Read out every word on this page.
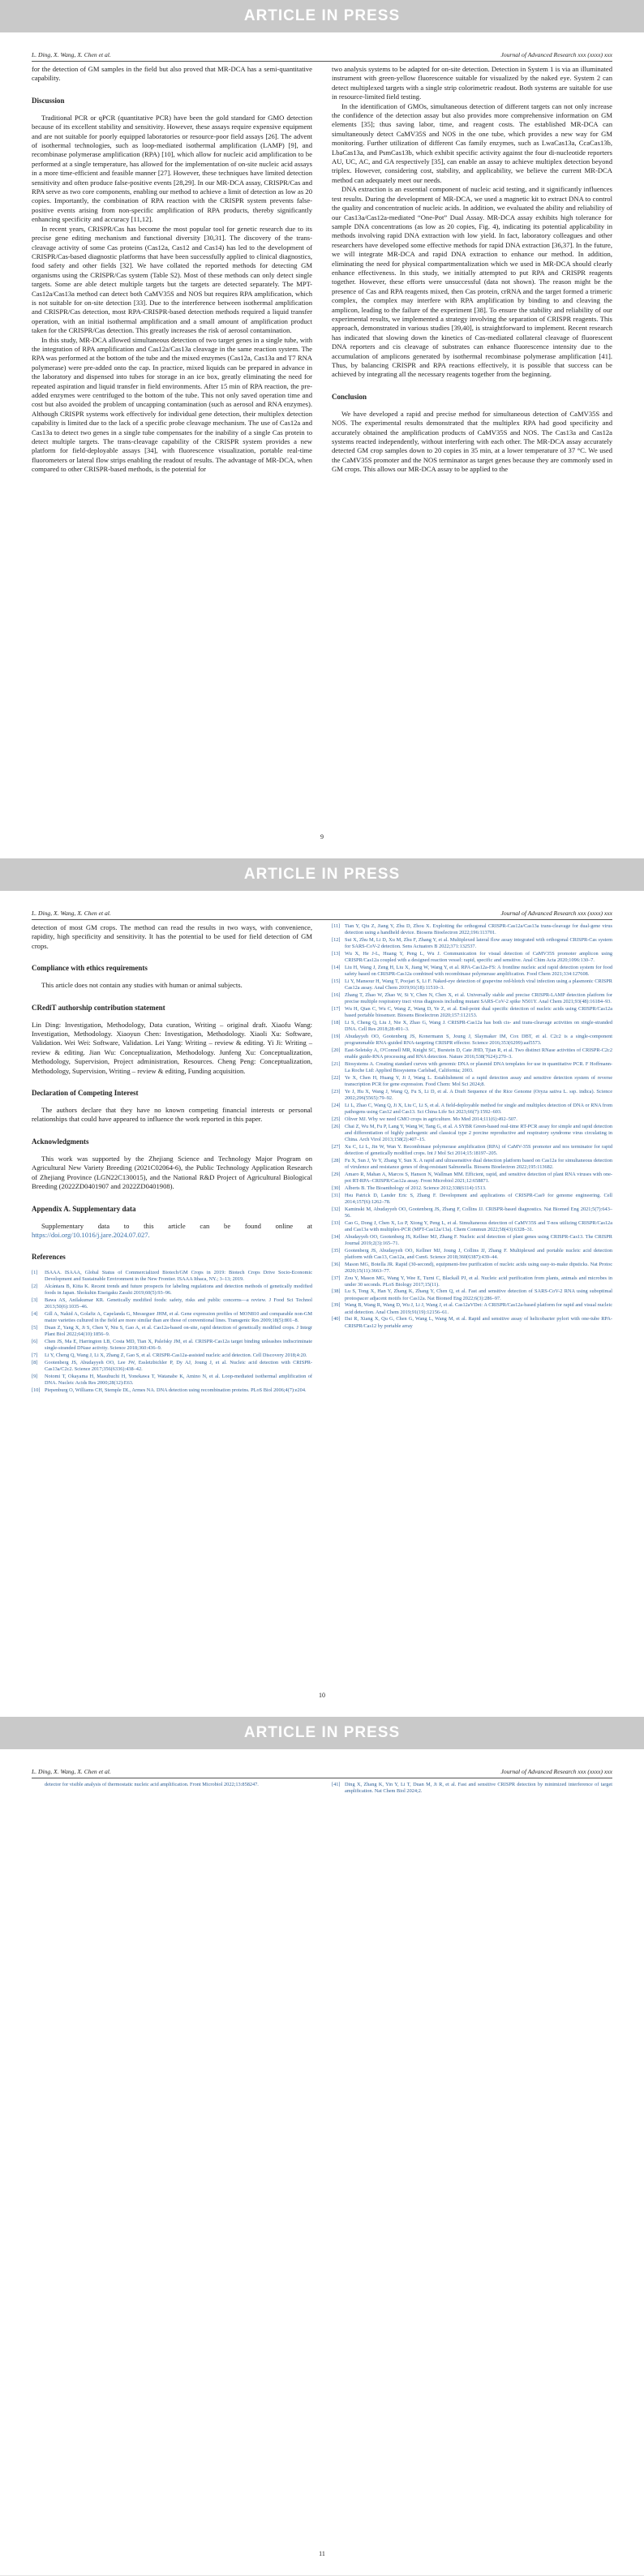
ARTICLE IN PRESS
L. Ding, X. Wang, X. Chen et al.	Journal of Advanced Research xxx (xxxx) xxx

for the detection of GM samples in the field but also proved that MR-DCA has a semi-quantitative capability.

Discussion

Traditional PCR or qPCR (quantitative PCR) have been the gold standard for GMO detection because of its excellent stability and sensitivity. However, these assays require expensive equipment and are not suitable for poorly equipped laboratories or resource-poor field assays [26]. The advent of isothermal technologies, such as loop-mediated isothermal amplification (LAMP) [9], and recombinase polymerase amplification (RPA) [10], which allow for nucleic acid amplification to be performed at a single temperature, has allowed for the implementation of on-site nucleic acid assays in a more time-efficient and feasible manner [27]. However, these techniques have limited detection sensitivity and often produce false-positive events [28,29]. In our MR-DCA assay, CRISPR/Cas and RPA serve as two core components, enabling our method to achieve a limit of detection as low as 20 copies. Importantly, the combination of RPA reaction with the CRISPR system prevents false-positive events arising from non-specific amplification of RPA products, thereby significantly enhancing specificity and accuracy [11,12].

In recent years, CRISPR/Cas has become the most popular tool for genetic research due to its precise gene editing mechanism and functional diversity [30,31]. The discovery of the trans-cleavage activity of some Cas proteins (Cas12a, Cas12 and Cas14) has led to the development of CRISPR/Cas-based diagnostic platforms that have been successfully applied to clinical diagnostics, food safety and other fields [32]. We have collated the reported methods for detecting GM organisms using the CRISPR/Cas system (Table S2). Most of these methods can only detect single targets. Some are able detect multiple targets but the targets are detected separately. The MPT-Cas12a/Cas13a method can detect both CaMV35S and NOS but requires RPA amplification, which is not suitable for on-site detection [33]. Due to the interference between isothermal amplification and CRISPR/Cas detection, most RPA-CRISPR-based detection methods required a liquid transfer operation, with an initial isothermal amplification and a small amount of amplification product taken for the CRISPR/Cas detection. This greatly increases the risk of aerosol contamination.

In this study, MR-DCA allowed simultaneous detection of two target genes in a single tube, with the integration of RPA amplification and Cas12a/Cas13a cleavage in the same reaction system. The RPA was performed at the bottom of the tube and the mixed enzymes (Cas12a, Cas13a and T7 RNA polymerase) were pre-added onto the cap. In practice, mixed liquids can be prepared in advance in the laboratory and dispensed into tubes for storage in an ice box, greatly eliminating the need for repeated aspiration and liquid transfer in field environments. After 15 min of RPA reaction, the pre-added enzymes were centrifuged to the bottom of the tube. This not only saved operation time and cost but also avoided the problem of uncapping contamination (such as aerosol and RNA enzymes). Although CRISPR systems work effectively for individual gene detection, their multiplex detection capability is limited due to the lack of a specific probe cleavage mechanism. The use of Cas12a and Cas13a to detect two genes in a single tube compensates for the inability of a single Cas protein to detect multiple targets. The trans-cleavage capability of the CRISPR system provides a new platform for field-deployable assays [34], with fluorescence visualization, portable real-time fluorometers or lateral flow strips enabling the readout of results. The advantage of MR-DCA, when compared to other CRISPR-based methods, is the potential for

two analysis systems to be adapted for on-site detection. Detection in System 1 is via an illuminated instrument with green-yellow fluorescence suitable for visualized by the naked eye. System 2 can detect multiplexed targets with a single strip colorimetric readout. Both systems are suitable for use in resource-limited field testing.

In the identification of GMOs, simultaneous detection of different targets can not only increase the confidence of the detection assay but also provides more comprehensive information on GM elements [35]; thus saving labor, time, and reagent costs. The established MR-DCA can simultaneously detect CaMV35S and NOS in the one tube, which provides a new way for GM monitoring. Further utilization of different Cas family enzymes, such as LwaCas13a, CcaCas13b, LbaCas13a, and PsmCas13b, which exhibit specific activity against the four di-nucleotide reporters AU, UC, AC, and GA respectively [35], can enable an assay to achieve multiplex detection beyond triplex. However, considering cost, stability, and applicability, we believe the current MR-DCA method can adequately meet our needs.

DNA extraction is an essential component of nucleic acid testing, and it significantly influences test results. During the development of MR-DCA, we used a magnetic kit to extract DNA to control the quality and concentration of nucleic acids. In addition, we evaluated the ability and reliability of our Cas13a/Cas12a-mediated “One-Pot” Dual Assay. MR-DCA assay exhibits high tolerance for sample DNA concentrations (as low as 20 copies, Fig. 4), indicating its potential applicability in methods involving rapid DNA extraction with low yield. In fact, laboratory colleagues and other researchers have developed some effective methods for rapid DNA extraction [36,37]. In the future, we will integrate MR-DCA and rapid DNA extraction to enhance our method. In addition, eliminating the need for physical compartmentalization which we used in MR-DCA should clearly enhance effectiveness. In this study, we initially attempted to put RPA and CRISPR reagents together. However, these efforts were unsuccessful (data not shown). The reason might be the presence of Cas and RPA reagents mixed, then Cas protein, crRNA and the target formed a trimeric complex, the complex may interfere with RPA amplification by binding to and cleaving the amplicon, leading to the failure of the experiment [38]. To ensure the stability and reliability of our experimental results, we implemented a strategy involving the separation of CRISPR reagents. This approach, demonstrated in various studies [39,40], is straightforward to implement. Recent research has indicated that slowing down the kinetics of Cas-mediated collateral cleavage of fluorescent DNA reporters and cis cleavage of substrates can enhance fluorescence intensity due to the accumulation of amplicons generated by isothermal recombinase polymerase amplification [41]. Thus, by balancing CRISPR and RPA reactions effectively, it is possible that success can be achieved by integrating all the necessary reagents together from the beginning.

Conclusion

We have developed a rapid and precise method for simultaneous detection of CaMV35S and NOS. The experimental results demonstrated that the multiplex RPA had good specificity and accurately obtained the amplification products of CaMV35S and NOS. The Cas13a and Cas12a systems reacted independently, without interfering with each other. The MR-DCA assay accurately detected GM crop samples down to 20 copies in 35 min, at a lower temperature of 37 °C. We used the CaMV35S promoter and the NOS terminator as target genes because they are commonly used in GM crops. This allows our MR-DCA assay to be applied to the

9
ARTICLE IN PRESS
L. Ding, X. Wang, X. Chen et al.	Journal of Advanced Research xxx (xxxx) xxx

detection of most GM crops. The method can read the results in two ways, with convenience, rapidity, high specificity and sensitivity. It has the potential to be used for field detection of GM crops.

Compliance with ethics requirements

This article does not contain any studies with human or animal subjects.

CRediT authorship contribution statement

Lin Ding: Investigation, Methodology, Data curation, Writing – original draft. Xiaofu Wang: Investigation, Methodology. Xiaoyun Chen: Investigation, Methodology. Xiaoli Xu: Software, Validation. Wei Wei: Software, Validation. Lei Yang: Writing – review & editing. Yi Ji: Writing – review & editing. Jian Wu: Conceptualization, Methodology. Junfeng Xu: Conceptualization, Methodology, Supervision, Project administration, Resources. Cheng Peng: Conceptualization, Methodology, Supervision, Writing – review & editing, Funding acquisition.

Declaration of Competing Interest

The authors declare that they have no known competing financial interests or personal relationships that could have appeared to influence the work reported in this paper.

Acknowledgments

This work was supported by the Zhejiang Science and Technology Major Program on Agricultural New Variety Breeding (2021C02064-6), the Public Technology Application Research of Zhejiang Province (LGN22C130015), and the National R&D Project of Agricultural Biological Breeding (2022ZD0401907 and 2022ZD0401908).

Appendix A. Supplementary data

Supplementary data to this article can be found online at https://doi.org/10.1016/j.jare.2024.07.027.

References
[1]	ISAAA. ISAAA, Global Status of Commercialized Biotech/GM Crops in 2019: Biotech Crops Drive Socio-Economic Development and Sustainable Environment in the New Frontier. ISAAA Ithaca, NY.; 3–13; 2019.
[2]	Alcántara B, Kitta K. Recent trends and future prospects for labeling regulations and detection methods of genetically modified foods in Japan. Shokuhin Eiseigaku Zasshi 2019;60(5):93–96.
[3]	Bawa AS, Anilakumar KR. Genetically modified foods: safety, risks and public concerns—a review. J Food Sci Technol 2013;50(6):1035–46.
[4]	Gill A, Nakid A, Golafiz A, Capelanda G, Messeguer JHM, et al. Gene expression profiles of MON810 and comparable non-GM maize varieties cultured in the field are more similar than are those of conventional lines. Transgenic Res 2009;18(5):801–8.
[5]	Duan Z, Yang X, Ji S, Chen Y, Niu S, Gao A, et al. Cas12a-based on-site, rapid detection of genetically modified crops. J Integr Plant Biol 2022;64(10):1856–9.
[6]	Chen JS, Ma E, Harrington LB, Costa MD, Tian X, Palefsky JM, et al. CRISPR-Cas12a target binding unleashes indiscriminate single-stranded DNase activity. Science 2018;360:436–9.
[7]	Li Y, Cheng Q, Wang J, Li X, Zhang Z, Gao S, et al. CRISPR-Cas12a-assisted nucleic acid detection. Cell Discovery 2018;4:20.
[8]	Gootenberg JS, Abudayyeh OO, Lee JW, Essletzbichler P, Dy AJ, Joung J, et al. Nucleic acid detection with CRISPR-Cas13a/C2c2. Science 2017;356(6336):438–42.
[9]	Notomi T, Okayama H, Masubuchi H, Yonekawa T, Watanabe K, Amino N, et al. Loop-mediated isothermal amplification of DNA. Nucleic Acids Res 2000;28(12):E63.
[10] Piepenburg O, Williams CH, Stemple DL, Armes NA. DNA detection using recombination proteins. PLoS Biol 2006;4(7):e204.
[11] Tian Y, Qiu Z, Jiang Y, Zhu D, Zhou X. Exploiting the orthogonal CRISPR-Cas12a/Cas13a trans-cleavage for dual-gene virus detection using a handheld device. Biosens Bioelectron 2022;196:113701.
[12] Sui X, Zhu M, Li D, Xu M, Zhu F, Zhang Y, et al. Multiplexed lateral flow assay integrated with orthogonal CRISPR-Cas system for SARS-CoV-2 detection. Sens Actuators B 2022;371:132537.
[13] Wu X, He J-L, Huang Y, Peng L, Wu J. Communication for visual detection of CaMV35S promoter amplicon using CRISPR/Cas12a coupled with a designed reaction vessel: rapid, specific and sensitive. Anal Chim Acta 2020;1096:130–7.
[14] Liu H, Wang J, Zeng H, Liu X, Jiang W, Wang Y, et al. RPA-Cas12a-FS: A frontline nucleic acid rapid detection system for food safety based on CRISPR-Cas12a combined with recombinase polymerase amplification. Food Chem 2021;334:127608.
[15] Li Y, Mansour H, Wang T, Poojari S, Li F. Naked-eye detection of grapevine red-blotch viral infection using a plasmonic CRISPR Cas12a assay. Anal Chem 2019;91(18):11510–3.
[16] Zhang T, Zhao W, Zhao W, Si Y, Chen N, Chen X, et al. Universally stable and precise CRISPR-LAMP detection platform for precise multiple respiratory tract virus diagnosis including mutant SARS-CoV-2 spike N501Y. Anal Chem 2021;93(48):16184–93.
[17] Wu H, Qian C, Wu C, Wang Z, Wang D, Ye Z, et al. End-point dual specific detection of nucleic acids using CRISPR/Cas12a based portable biosensor. Biosens Bioelectron 2020;157:112153.
[18] Li S, Cheng Q, Liu J, Nie X, Zhao G, Wang J. CRISPR-Cas12a has both cis- and trans-cleavage activities on single-stranded DNA. Cell Res 2018;28:491–3.
[19] Abudayyeh OO, Gootenberg JS, Konermann S, Joung J, Slaymaker IM, Cox DBT, et al. C2c2 is a single-component programmable RNA-guided RNA-targeting CRISPR effector. Science 2016;353(6299):aaf5573.
[20] East-Seletsky A, O'Connell MR, Knight SC, Burstein D, Cate JHD, Tjian R, et al. Two distinct RNase activities of CRISPR-C2c2 enable guide-RNA processing and RNA detection. Nature 2016;538(7624):270–3.
[21] Biosystems A. Creating standard curves with genomic DNA or plasmid DNA templates for use in quantitative PCR. F Hoffmann-La Roche Ltd: Applied Biosystems Carlsbad, California; 2003.
[22] Ye X, Chen H, Huang Y, Ji J, Wang L. Establishment of a rapid detection assay and sensitive detection system of reverse transcription PCR for gene expression. Food Chem: Mol Sci 2024;8.
[23] Ye J, Hu X, Wang J, Wang Q, Fu S, Li D, et al. A Draft Sequence of the Rice Genome (Oryza sativa L. ssp. indica). Science 2002;296(5565):79–92.
[24] Li L, Zhao C, Wang Q, Ji X, Liu C, Li S, et al. A field-deployable method for single and multiplex detection of DNA or RNA from pathogens using Cas12 and Cas13. Sci China Life Sci 2023;66(7):1592–603.
[25] Oliver MJ. Why we need GMO crops in agriculture. Mo Med 2014;111(6):492–507.
[26] Chai Z, Wu M, Fu P, Lang Y, Wang W, Tang G, et al. A SYBR Green-based real-time RT-PCR assay for simple and rapid detection and differentiation of highly pathogenic and classical type 2 porcine reproductive and respiratory syndrome virus circulating in China. Arch Virol 2013;158(2):407–15.
[27] Xu C, Li L, Jin W, Wan Y. Recombinase polymerase amplification (RPA) of CaMV-35S promoter and nos terminator for rapid detection of genetically modified crops. Int J Mol Sci 2014;15:18197–205.
[28] Fu X, Sun J, Ye Y, Zhang Y, Sun X. A rapid and ultrasensitive dual detection platform based on Cas12a for simultaneous detection of virulence and resistance genes of drug-resistant Salmonella. Biosens Bioelectron 2022;195:113682.
[29] Amaro R, Mahan A, Marcos S, Hanson N, Wallman MM. Efficient, rapid, and sensitive detection of plant RNA viruses with one-pot RT-RPA–CRISPR/Cas12a assay. Front Microbiol 2021;12:658871.
[30] Alberts B. The Bioanthology of 2012. Science 2012;338(6114):1513.
[31] Hsu Patrick D, Lander Eric S, Zhang F. Development and applications of CRISPR-Cas9 for genome engineering. Cell 2014;157(6):1262–78.
[32] Kaminski M, Abudayyeh OO, Gootenberg JS, Zhang F, Collins JJ. CRISPR-based diagnostics. Nat Biomed Eng 2021;5(7):643–56.
[33] Cao G, Dong J, Chen X, Lu P, Xiong Y, Peng L, et al. Simultaneous detection of CaMV35S and T-nos utilizing CRISPR/Cas12a and Cas13a with multiplex-PCR (MPT-Cas12a/13a). Chem Commun 2022;58(43):6328–31.
[34] Abudayyeh OO, Gootenberg JS, Kellner MJ, Zhang F. Nucleic acid detection of plant genes using CRISPR-Cas13. The CRISPR Journal 2019;2(3):165–71.
[35] Gootenberg JS, Abudayyeh OO, Kellner MJ, Joung J, Collins JJ, Zhang F. Multiplexed and portable nucleic acid detection platform with Cas13, Cas12a, and Csm6. Science 2018;360(6387):439–44.
[36] Mason MG, Botella JR. Rapid (30-second), equipment-free purification of nucleic acids using easy-to-make dipsticks. Nat Protoc 2020;15(11):3663–77.
[37] Zou Y, Mason MG, Wang Y, Wee E, Turni C, Blackall PJ, et al. Nucleic acid purification from plants, animals and microbes in under 30 seconds. PLoS Biology 2017;15(11).
[38] Lu S, Tong X, Han Y, Zhang K, Zhang Y, Chen Q, et al. Fast and sensitive detection of SARS-CoV-2 RNA using suboptimal protospacer adjacent motifs for Cas12a. Nat Biomed Eng 2022;6(3):286–97.
[39] Wang B, Wang R, Wang D, Wu J, Li J, Wang J, et al. Cas12aVDet: A CRISPR/Cas12a-based platform for rapid and visual nucleic acid detection. Anal Chem 2019;91(19):12156–61.
[40] Dai R, Xiang X, Qu G, Chen G, Wang L, Wang M, et al. Rapid and sensitive assay of helicobacter pylori with one-tube RPA-CRISPR/Cas12 by portable array
10
ARTICLE IN PRESS
L. Ding, X. Wang, X. Chen et al.	Journal of Advanced Research xxx (xxxx) xxx
detector for visible analysis of thermostatic nucleic acid amplification. Front Microbiol 2022;13:858247.	[41] Ding X, Zhang K, Yin Y, Li T, Duan M, Ji R, et al. Fast and sensitive CRISPR detection by minimized interference of target amplification. Nat Chem Biol 2024;2.
11
